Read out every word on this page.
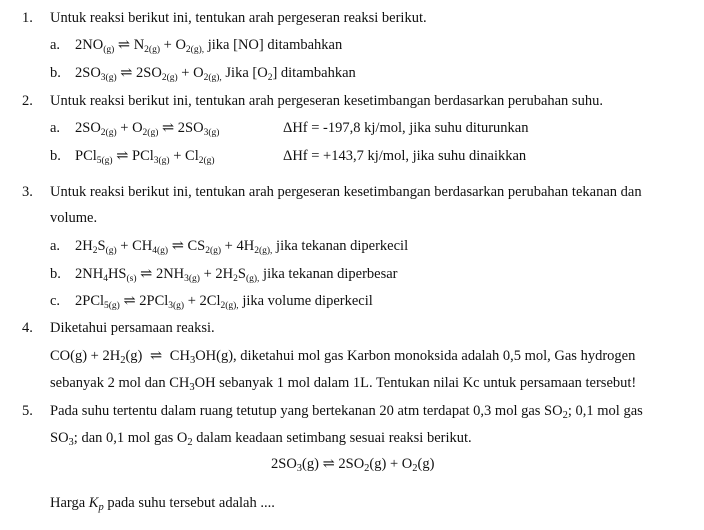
1. Untuk reaksi berikut ini, tentukan arah pergeseran reaksi berikut.
a. $2NO_{(g)}$ ⇌ $N_{2(g)} + O_{2(g),}$ jika [NO] ditambahkan
b. $2SO_{3(g)}$ ⇌ $2SO_{2(g)} + O_{2(g),}$ Jika $[O_2]$ ditambahkan
2. Untuk reaksi berikut ini, tentukan arah pergeseran kesetimbangan berdasarkan perubahan suhu.
a. $2SO_{2(g)} + O_{2(g)}$ ⇌ $2SO_{3(g)}$	ΔHf = -197,8 kj/mol, jika suhu diturunkan
b. PCl$_{5(g)}$ ⇌ $PCl_{3(g)} + Cl_{2(g)}$	ΔHf = +143,7 kj/mol, jika suhu dinaikkan
3. Untuk reaksi berikut ini, tentukan arah pergeseran kesetimbangan berdasarkan perubahan tekanan dan
volume.
a. $2H_2S_{(g)} + CH_{4(g)}$ ⇌ $CS_{2(g)} + 4H_{2(g),}$ jika tekanan diperkecil
b. $2NH_4HS_{(s)}$ ⇌ $2NH_{3(g)} + 2H_2S_{(g),}$ jika tekanan diperbesar
c. 2PCl$_{5(g)}$ ⇌ $2PCl_{3(g)} + 2Cl_{2(g),}$ jika volume diperkecil
4. Diketahui persamaan reaksi.
$CO(g) + 2H_2(g)$ ⇌ $CH_3OH(g)$, diketahui mol gas Karbon monoksida adalah 0,5 mol, Gas hydrogen
sebanyak 2 mol dan $CH_3OH$ sebanyak 1 mol dalam 1L. Tentukan nilai Kc untuk persamaan tersebut!
5. Pada suhu tertentu dalam ruang tetutup yang bertekanan 20 atm terdapat 0,3 mol gas $SO_2$; 0,1 mol gas
$SO_3$; dan 0,1 mol gas $O_2$ dalam keadaan setimbang sesuai reaksi berikut.
$2SO_3(g)$ ⇌ $2SO_2(g) + O_2(g)$
Harga $K_p$ pada suhu tersebut adalah ....
